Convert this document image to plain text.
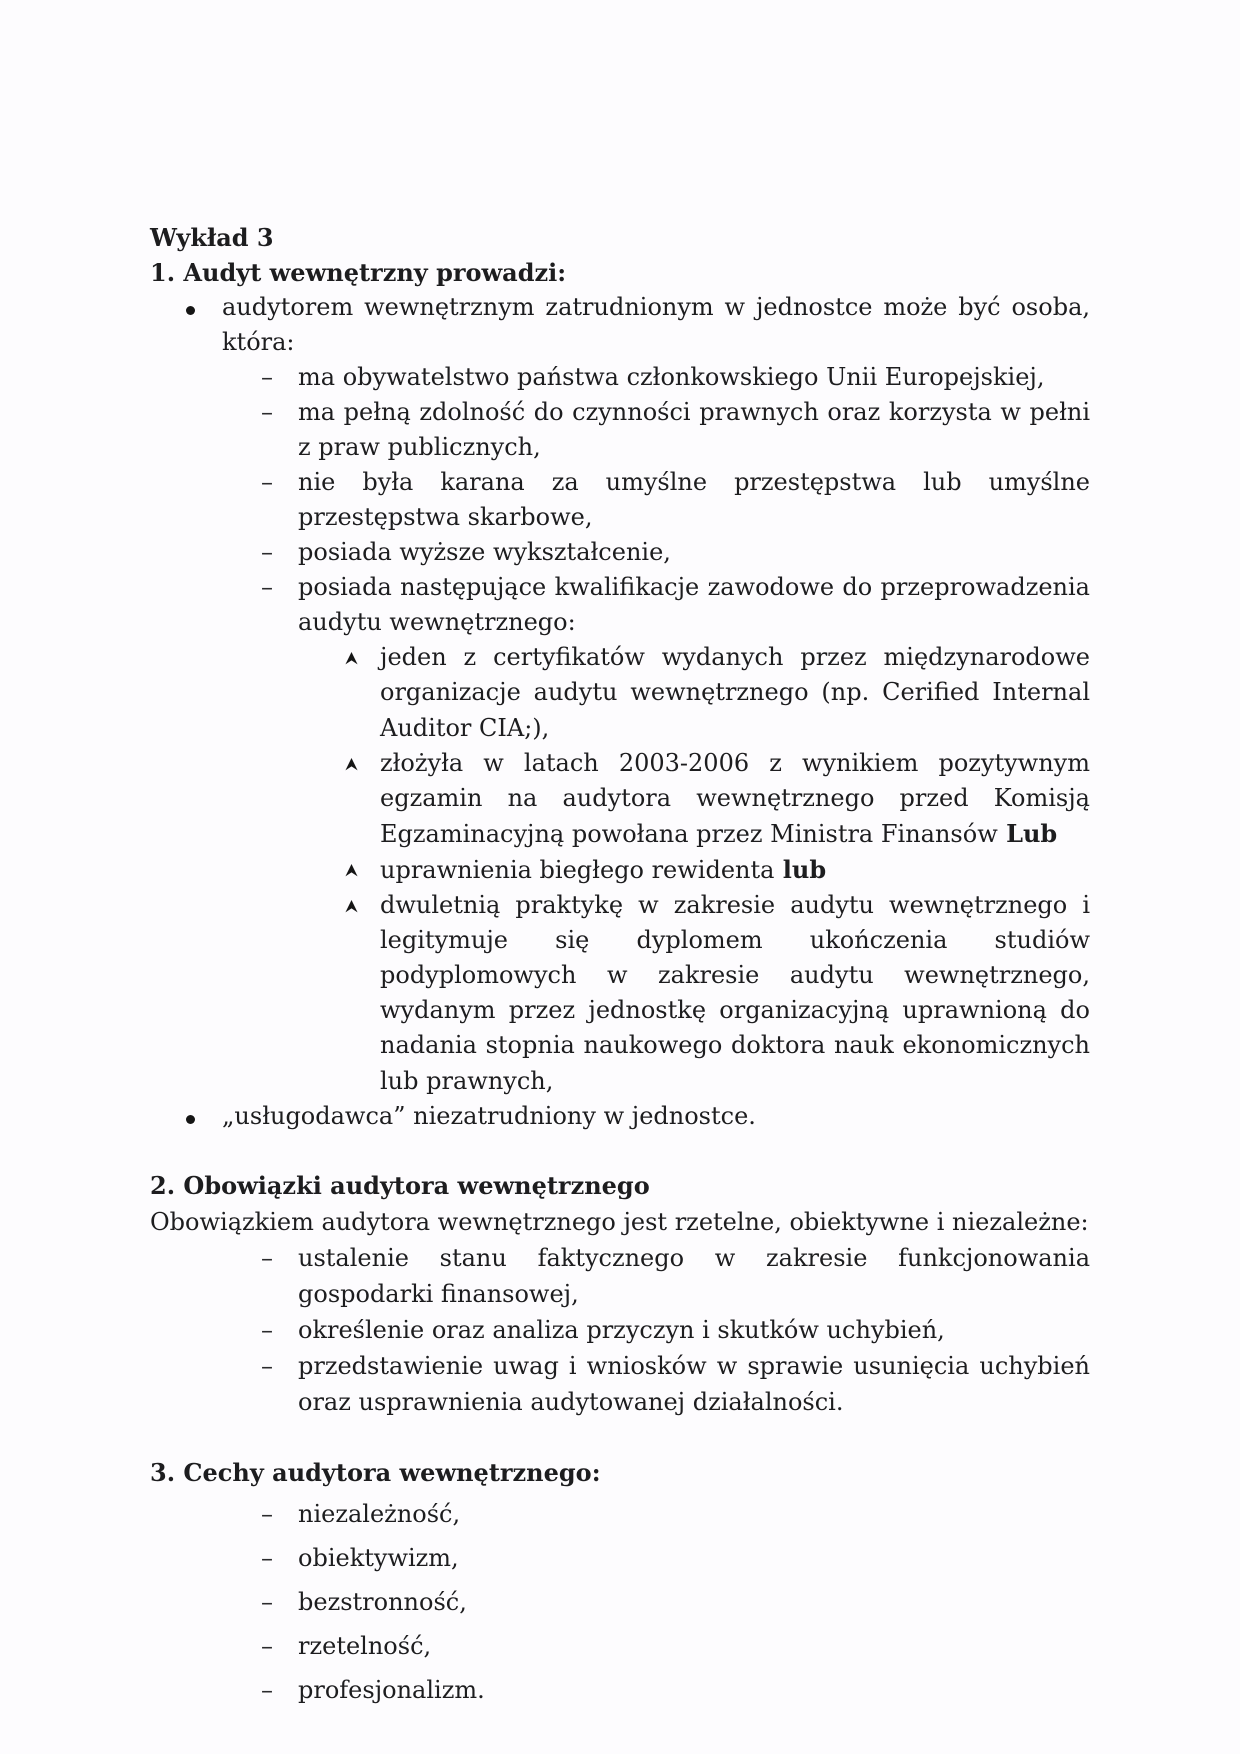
Wykład 3
1. Audyt wewnętrzny prowadzi:
audytorem wewnętrznym zatrudnionym w jednostce może być osoba, która:
–	ma obywatelstwo państwa członkowskiego Unii Europejskiej,
–	ma pełną zdolność do czynności prawnych oraz korzysta w pełni z praw publicznych,
–	nie była karana za umyślne przestępstwa lub umyślne przestępstwa skarbowe,
–	posiada wyższe wykształcenie,
–	posiada następujące kwalifikacje zawodowe do przeprowadzenia audytu wewnętrznego:
jeden z certyfikatów wydanych przez międzynarodowe organizacje audytu wewnętrznego (np. Cerified Internal Auditor CIA;),
złożyła w latach 2003-2006 z wynikiem pozytywnym egzamin na audytora wewnętrznego przed Komisją Egzaminacyjną powołana przez Ministra Finansów Lub
uprawnienia biegłego rewidenta lub
dwuletnią praktykę w zakresie audytu wewnętrznego i legitymuje się dyplomem ukończenia studiów podyplomowych w zakresie audytu wewnętrznego, wydanym przez jednostkę organizacyjną uprawnioną do nadania stopnia naukowego doktora nauk ekonomicznych lub prawnych,
„usługodawca” niezatrudniony w jednostce.
2. Obowiązki audytora wewnętrznego
Obowiązkiem audytora wewnętrznego jest rzetelne, obiektywne i niezależne:
–	ustalenie stanu faktycznego w zakresie funkcjonowania gospodarki finansowej,
–	określenie oraz analiza przyczyn i skutków uchybień,
–	przedstawienie uwag i wniosków w sprawie usunięcia uchybień oraz usprawnienia audytowanej działalności.
3. Cechy audytora wewnętrznego:
–	niezależność,
–	obiektywizm,
–	bezstronność,
–	rzetelność,
–	profesjonalizm.
